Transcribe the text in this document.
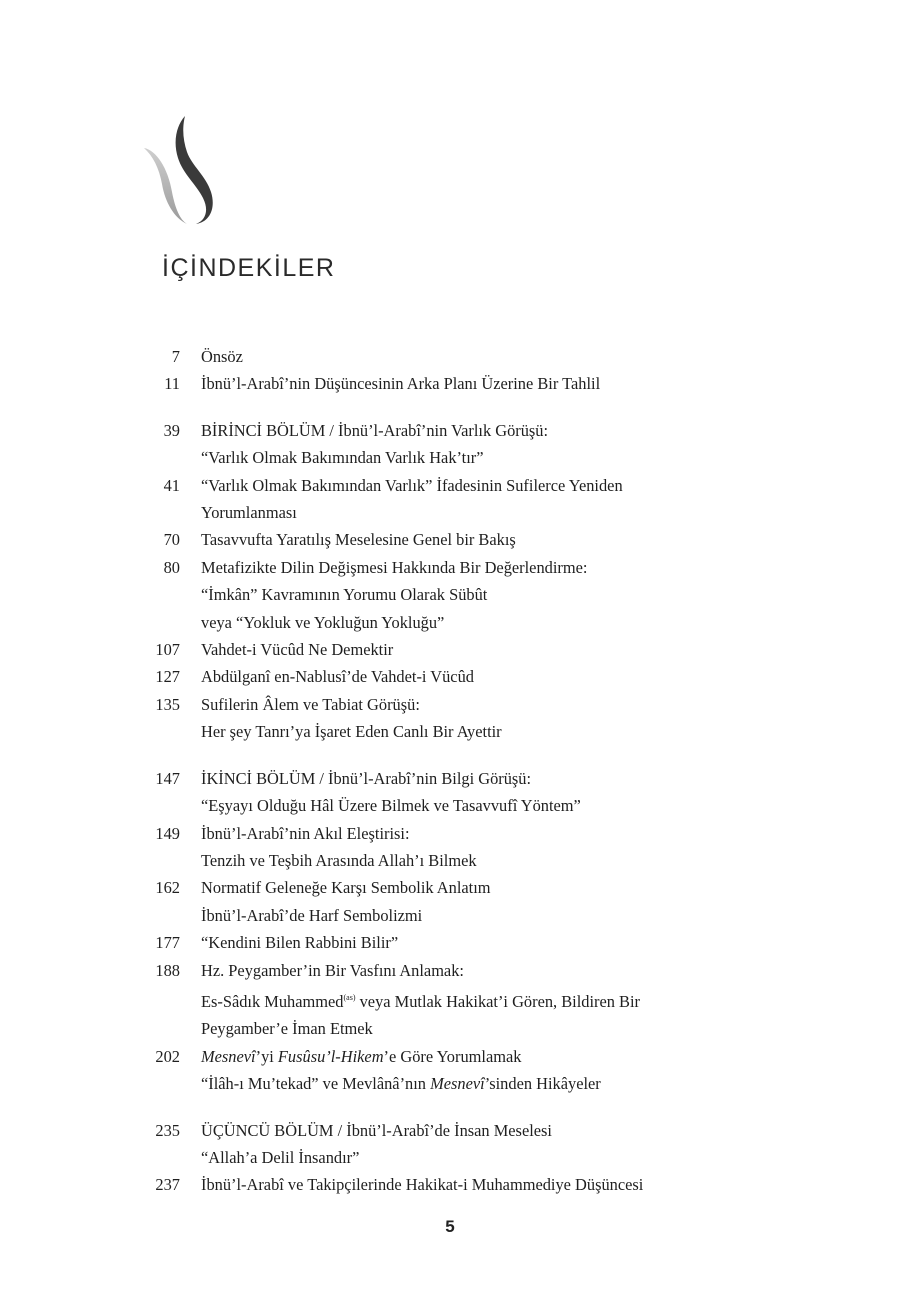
İÇİNDEKİLER
7 Önsöz
11 İbnü’l-Arabî’nin Düşüncesinin Arka Planı Üzerine Bir Tahlil
39 BİRİNCİ BÖLÜM / İbnü’l-Arabî’nin Varlık Görüşü:
“Varlık Olmak Bakımından Varlık Hak’tır”
41 “Varlık Olmak Bakımından Varlık” İfadesinin Sufilerce Yeniden
Yorumlanması
70 Tasavvufta Yaratılış Meselesine Genel bir Bakış
80 Metafizikte Dilin Değişmesi Hakkında Bir Değerlendirme:
“İmkân” Kavramının Yorumu Olarak Sübût
veya “Yokluk ve Yokluğun Yokluğu”
107 Vahdet-i Vücûd Ne Demektir
127 Abdülganî en-Nablusî’de Vahdet-i Vücûd
135 Sufilerin Âlem ve Tabiat Görüşü:
Her şey Tanrı’ya İşaret Eden Canlı Bir Ayettir
147 İKİNCİ BÖLÜM / İbnü’l-Arabî’nin Bilgi Görüşü:
“Eşyayı Olduğu Hâl Üzere Bilmek ve Tasavvufî Yöntem”
149 İbnü’l-Arabî’nin Akıl Eleştirisi:
Tenzih ve Teşbih Arasında Allah’ı Bilmek
162 Normatif Geleneğe Karşı Sembolik Anlatım
İbnü’l-Arabî’de Harf Sembolizmi
177 “Kendini Bilen Rabbini Bilir”
188 Hz. Peygamber’in Bir Vasfını Anlamak:
Es-Sâdık Muhammed$^{(as)}$ veya Mutlak Hakikat’i Gören, Bildiren Bir
Peygamber’e İman Etmek
202 Mesnevî’yi Fusûsu’l-Hikem’e Göre Yorumlamak
“İlâh-ı Mu’tekad” ve Mevlânâ’nın Mesnevî’sinden Hikâyeler
235 ÜÇÜNCÜ BÖLÜM / İbnü’l-Arabî’de İnsan Meselesi
“Allah’a Delil İnsandır”
237 İbnü’l-Arabî ve Takipçilerinde Hakikat-i Muhammediye Düşüncesi
5
